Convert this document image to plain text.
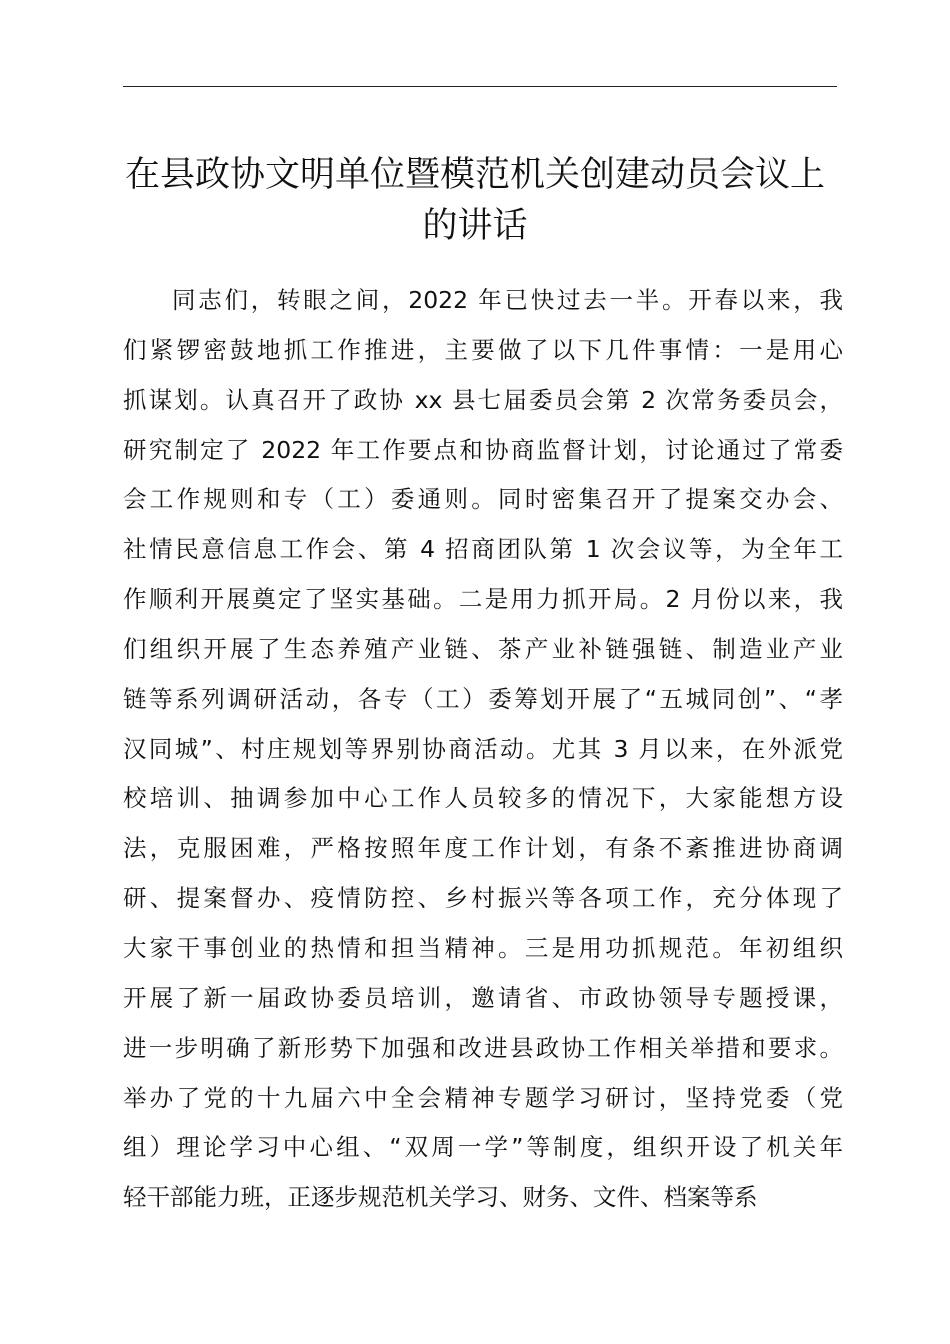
在县政协文明单位暨模范机关创建动员会议上
的讲话
同志们，转眼之间，2022 年已快过去一半。开春以来，我
们紧锣密鼓地抓工作推进，主要做了以下几件事情：一是用心
抓谋划。认真召开了政协 xx 县七届委员会第 2 次常务委员会，
研究制定了 2022 年工作要点和协商监督计划，讨论通过了常委
会工作规则和专（工）委通则。同时密集召开了提案交办会、
社情民意信息工作会、第 4 招商团队第 1 次会议等，为全年工
作顺利开展奠定了坚实基础。二是用力抓开局。2 月份以来，我
们组织开展了生态养殖产业链、茶产业补链强链、制造业产业
链等系列调研活动，各专（工）委筹划开展了“五城同创”、“孝
汉同城”、村庄规划等界别协商活动。尤其 3 月以来，在外派党
校培训、抽调参加中心工作人员较多的情况下，大家能想方设
法，克服困难，严格按照年度工作计划，有条不紊推进协商调
研、提案督办、疫情防控、乡村振兴等各项工作，充分体现了
大家干事创业的热情和担当精神。三是用功抓规范。年初组织
开展了新一届政协委员培训，邀请省、市政协领导专题授课，
进一步明确了新形势下加强和改进县政协工作相关举措和要求。
举办了党的十九届六中全会精神专题学习研讨，坚持党委（党
组）理论学习中心组、“双周一学”等制度，组织开设了机关年
轻干部能力班，正逐步规范机关学习、财务、文件、档案等系
